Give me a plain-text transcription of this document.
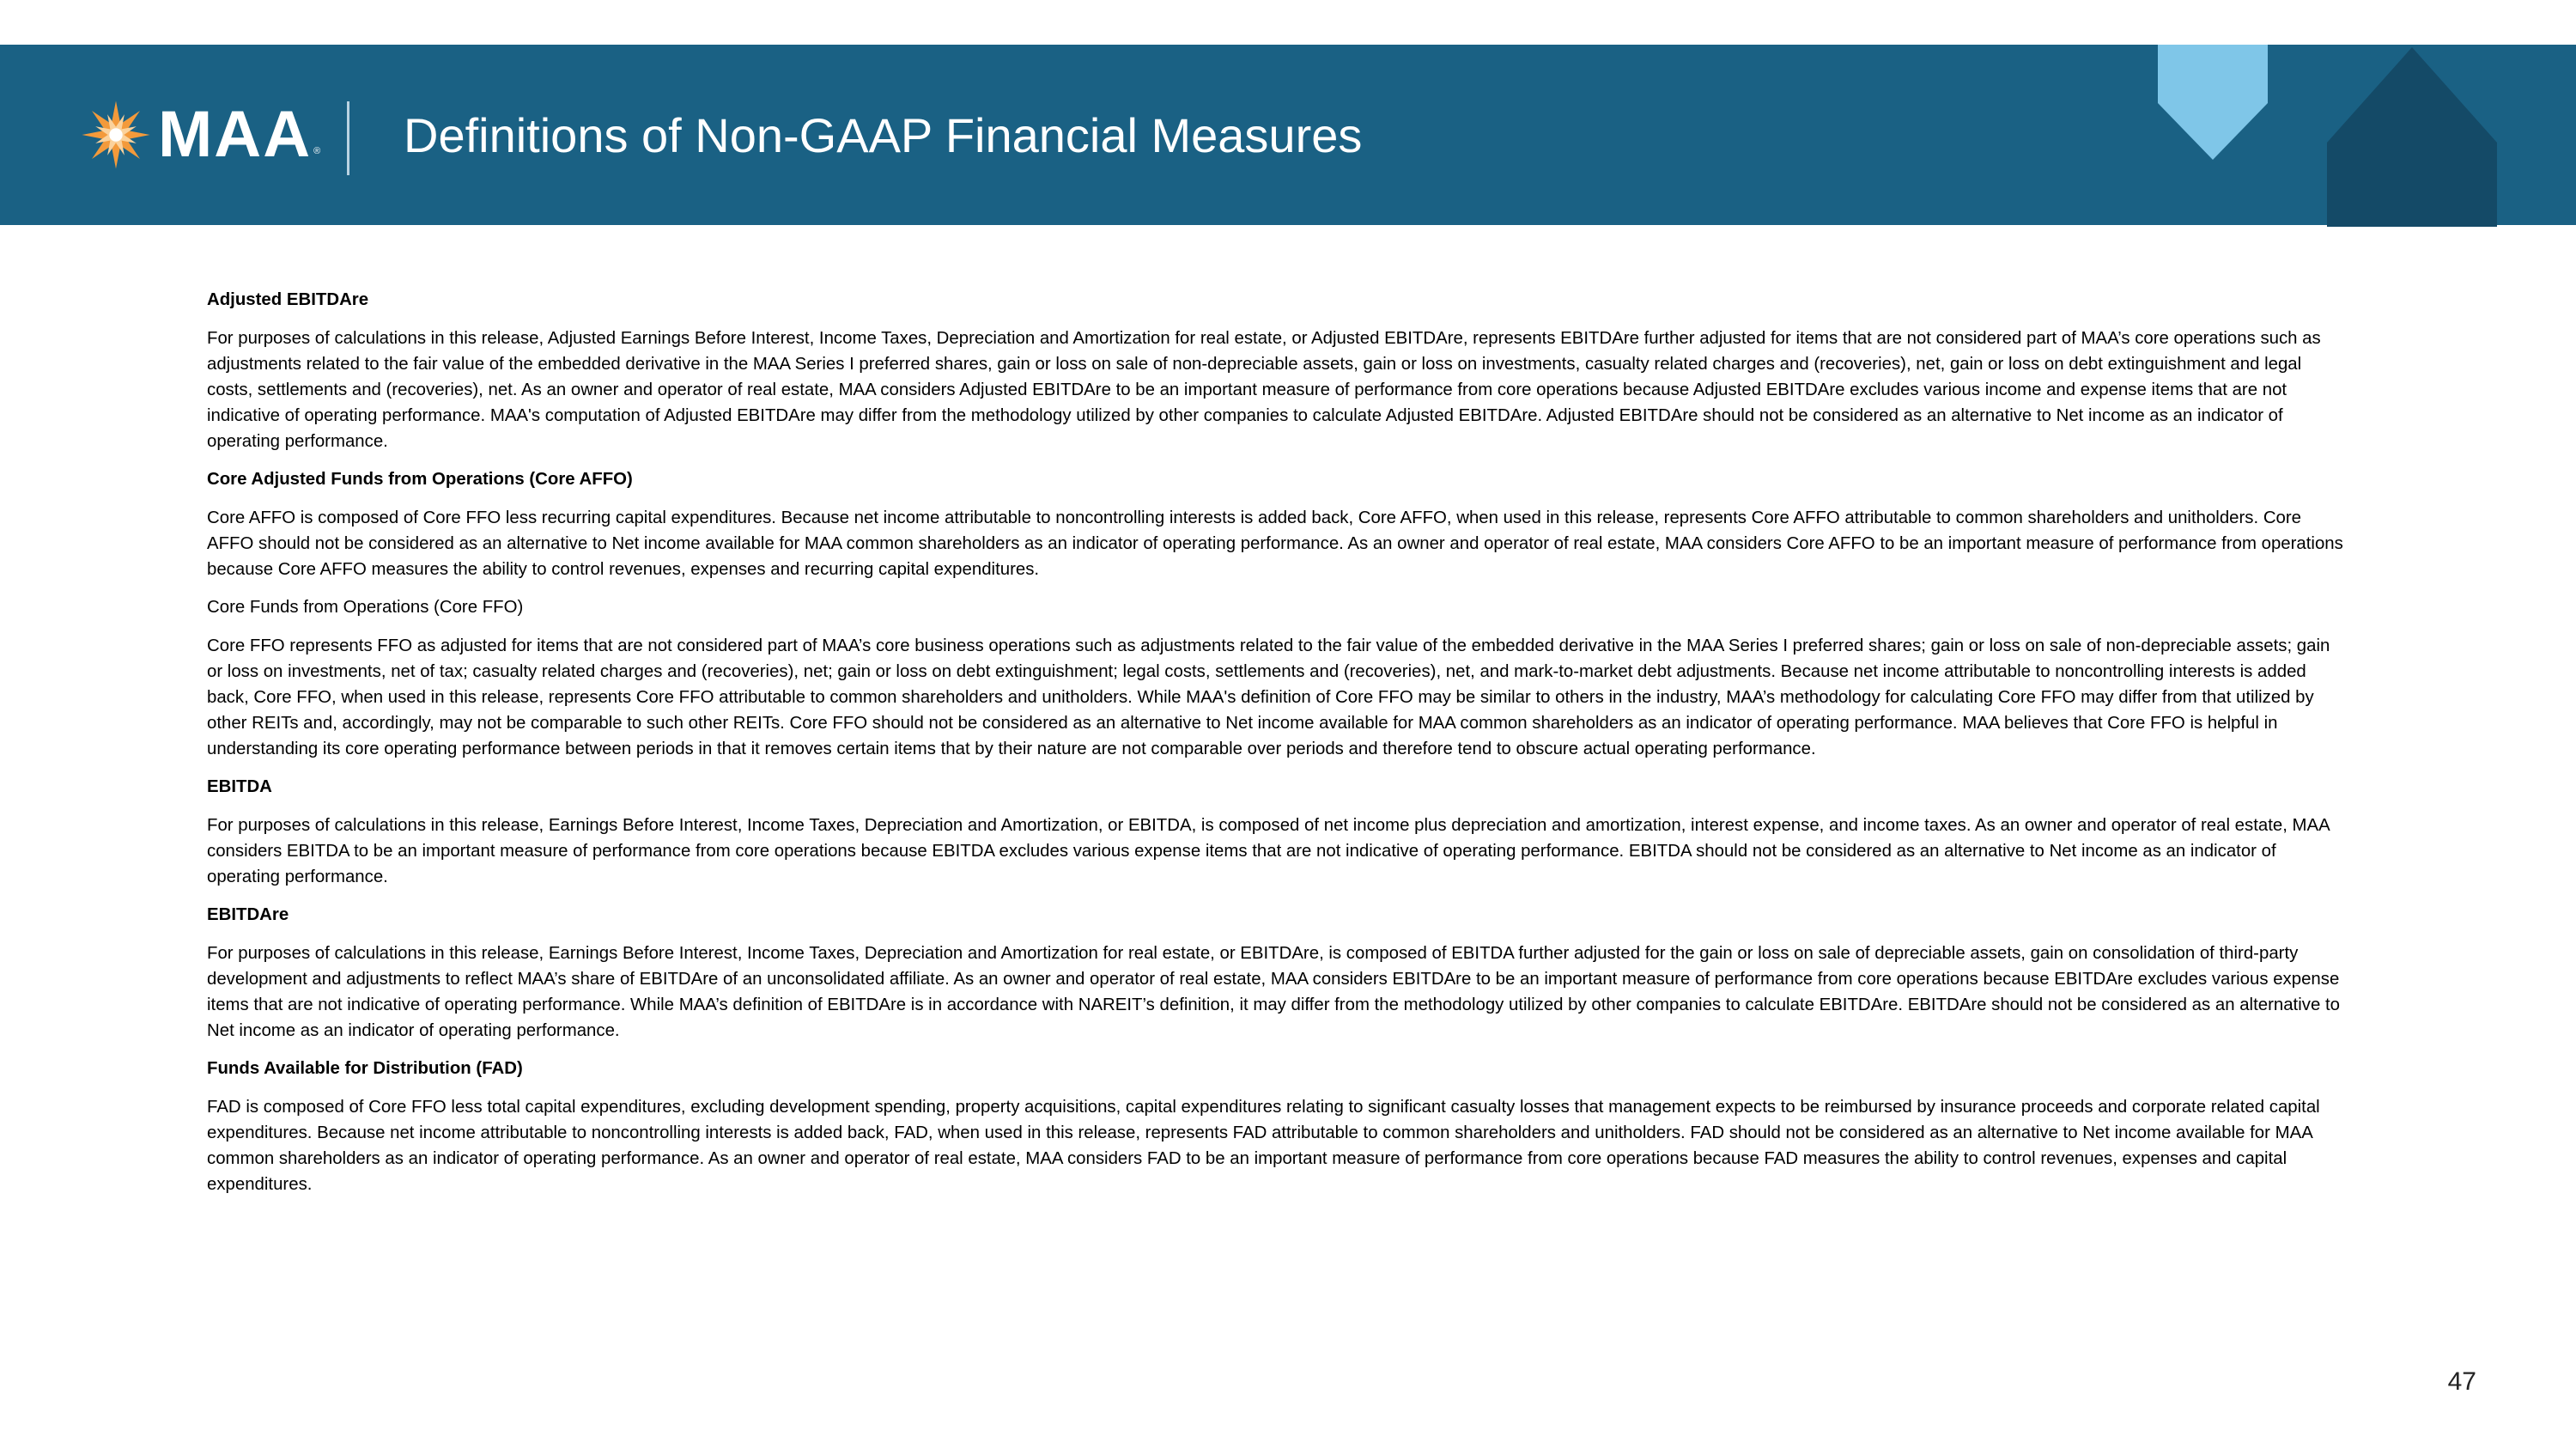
MAA ® Definitions of Non-GAAP Financial Measures

Adjusted EBITDAre

For purposes of calculations in this release, Adjusted Earnings Before Interest, Income Taxes, Depreciation and Amortization for real estate, or Adjusted EBITDAre, represents EBITDAre further adjusted for items that are not considered part of MAA’s core operations such as adjustments related to the fair value of the embedded derivative in the MAA Series I preferred shares, gain or loss on sale of non-depreciable assets, gain or loss on investments, casualty related charges and (recoveries), net, gain or loss on debt extinguishment and legal costs, settlements and (recoveries), net. As an owner and operator of real estate, MAA considers Adjusted EBITDAre to be an important measure of performance from core operations because Adjusted EBITDAre excludes various income and expense items that are not indicative of operating performance. MAA's computation of Adjusted EBITDAre may differ from the methodology utilized by other companies to calculate Adjusted EBITDAre. Adjusted EBITDAre should not be considered as an alternative to Net income as an indicator of operating performance.

Core Adjusted Funds from Operations (Core AFFO)

Core AFFO is composed of Core FFO less recurring capital expenditures. Because net income attributable to noncontrolling interests is added back, Core AFFO, when used in this release, represents Core AFFO attributable to common shareholders and unitholders. Core AFFO should not be considered as an alternative to Net income available for MAA common shareholders as an indicator of operating performance. As an owner and operator of real estate, MAA considers Core AFFO to be an important measure of performance from operations because Core AFFO measures the ability to control revenues, expenses and recurring capital expenditures.

Core Funds from Operations (Core FFO)

Core FFO represents FFO as adjusted for items that are not considered part of MAA’s core business operations such as adjustments related to the fair value of the embedded derivative in the MAA Series I preferred shares; gain or loss on sale of non-depreciable assets; gain or loss on investments, net of tax; casualty related charges and (recoveries), net; gain or loss on debt extinguishment; legal costs, settlements and (recoveries), net, and mark-to-market debt adjustments. Because net income attributable to noncontrolling interests is added back, Core FFO, when used in this release, represents Core FFO attributable to common shareholders and unitholders. While MAA's definition of Core FFO may be similar to others in the industry, MAA’s methodology for calculating Core FFO may differ from that utilized by other REITs and, accordingly, may not be comparable to such other REITs. Core FFO should not be considered as an alternative to Net income available for MAA common shareholders as an indicator of operating performance. MAA believes that Core FFO is helpful in understanding its core operating performance between periods in that it removes certain items that by their nature are not comparable over periods and therefore tend to obscure actual operating performance.

EBITDA

For purposes of calculations in this release, Earnings Before Interest, Income Taxes, Depreciation and Amortization, or EBITDA, is composed of net income plus depreciation and amortization, interest expense, and income taxes. As an owner and operator of real estate, MAA considers EBITDA to be an important measure of performance from core operations because EBITDA excludes various expense items that are not indicative of operating performance. EBITDA should not be considered as an alternative to Net income as an indicator of operating performance.

EBITDAre

For purposes of calculations in this release, Earnings Before Interest, Income Taxes, Depreciation and Amortization for real estate, or EBITDAre, is composed of EBITDA further adjusted for the gain or loss on sale of depreciable assets, gain on consolidation of third-party development and adjustments to reflect MAA’s share of EBITDAre of an unconsolidated affiliate. As an owner and operator of real estate, MAA considers EBITDAre to be an important measure of performance from core operations because EBITDAre excludes various expense items that are not indicative of operating performance. While MAA’s definition of EBITDAre is in accordance with NAREIT’s definition, it may differ from the methodology utilized by other companies to calculate EBITDAre. EBITDAre should not be considered as an alternative to Net income as an indicator of operating performance.

Funds Available for Distribution (FAD)

FAD is composed of Core FFO less total capital expenditures, excluding development spending, property acquisitions, capital expenditures relating to significant casualty losses that management expects to be reimbursed by insurance proceeds and corporate related capital expenditures. Because net income attributable to noncontrolling interests is added back, FAD, when used in this release, represents FAD attributable to common shareholders and unitholders. FAD should not be considered as an alternative to Net income available for MAA common shareholders as an indicator of operating performance. As an owner and operator of real estate, MAA considers FAD to be an important measure of performance from core operations because FAD measures the ability to control revenues, expenses and capital expenditures.

47
